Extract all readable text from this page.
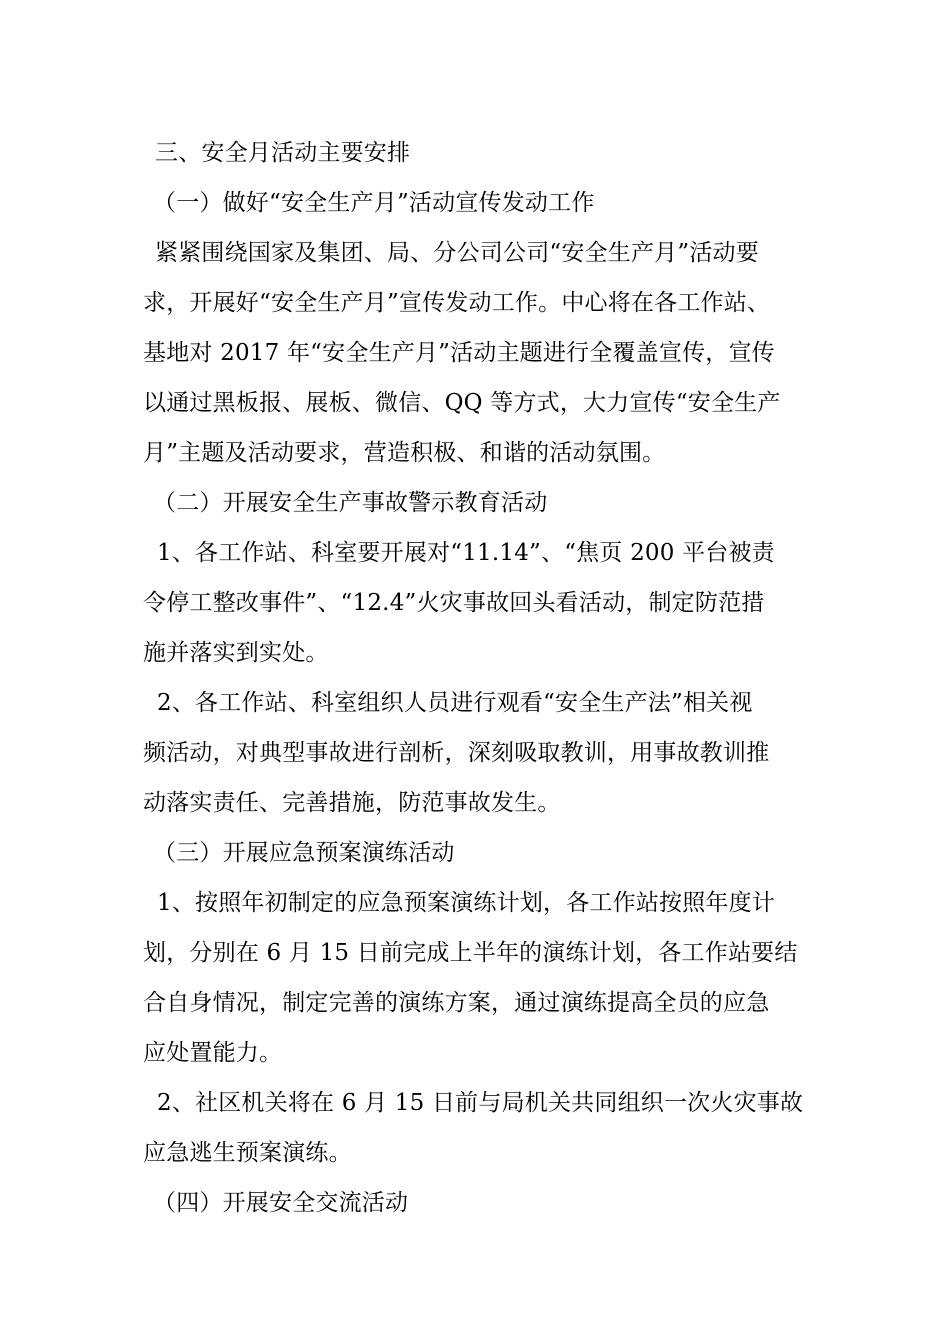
三、安全月活动主要安排
（一）做好“安全生产月”活动宣传发动工作
紧紧围绕国家及集团、局、分公司公司“安全生产月”活动要
求，开展好“安全生产月”宣传发动工作。中心将在各工作站、
基地对 2017 年“安全生产月”活动主题进行全覆盖宣传，宣传
以通过黑板报、展板、微信、QQ 等方式，大力宣传“安全生产
月”主题及活动要求，营造积极、和谐的活动氛围。
（二）开展安全生产事故警示教育活动
1、各工作站、科室要开展对“11.14”、“焦页 200 平台被责
令停工整改事件”、“12.4”火灾事故回头看活动，制定防范措
施并落实到实处。
2、各工作站、科室组织人员进行观看“安全生产法”相关视
频活动，对典型事故进行剖析，深刻吸取教训，用事故教训推
动落实责任、完善措施，防范事故发生。
（三）开展应急预案演练活动
1、按照年初制定的应急预案演练计划，各工作站按照年度计
划，分别在 6 月 15 日前完成上半年的演练计划，各工作站要结
合自身情况，制定完善的演练方案，通过演练提高全员的应急
应处置能力。
2、社区机关将在 6 月 15 日前与局机关共同组织一次火灾事故
应急逃生预案演练。
（四）开展安全交流活动
